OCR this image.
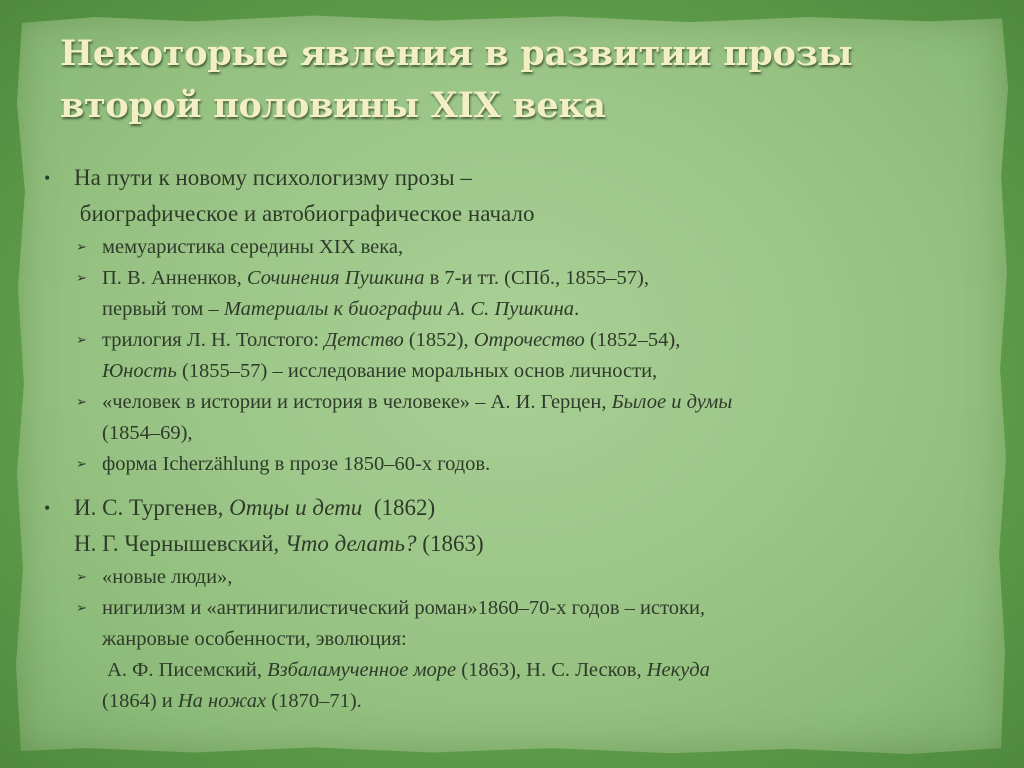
Некоторые явления в развитии прозы
второй половины XIX века
• На пути к новому психологизму прозы –
биографическое и автобиографическое начало
➢ мемуаристика середины XIX века,
➢ П. В. Анненков, Сочинения Пушкина в 7-и тт. (СПб., 1855–57),
первый том – Материалы к биографии А. С. Пушкина.
➢ трилогия Л. Н. Толстого: Детство (1852), Отрочество (1852–54),
Юность (1855–57) – исследование моральных основ личности,
➢ «человек в истории и история в человеке» – А. И. Герцен, Былое и думы
(1854–69),
➢ форма Icherzählung в прозе 1850–60-х годов.
• И. С. Тургенев, Отцы и дети  (1862)
Н. Г. Чернышевский, Что делать? (1863)
➢ «новые люди»,
➢ нигилизм и «антинигилистический роман»1860–70-х годов – истоки,
жанровые особенности, эволюция:
А. Ф. Писемский, Взбаламученное море (1863), Н. С. Лесков, Некуда
(1864) и На ножах (1870–71).
